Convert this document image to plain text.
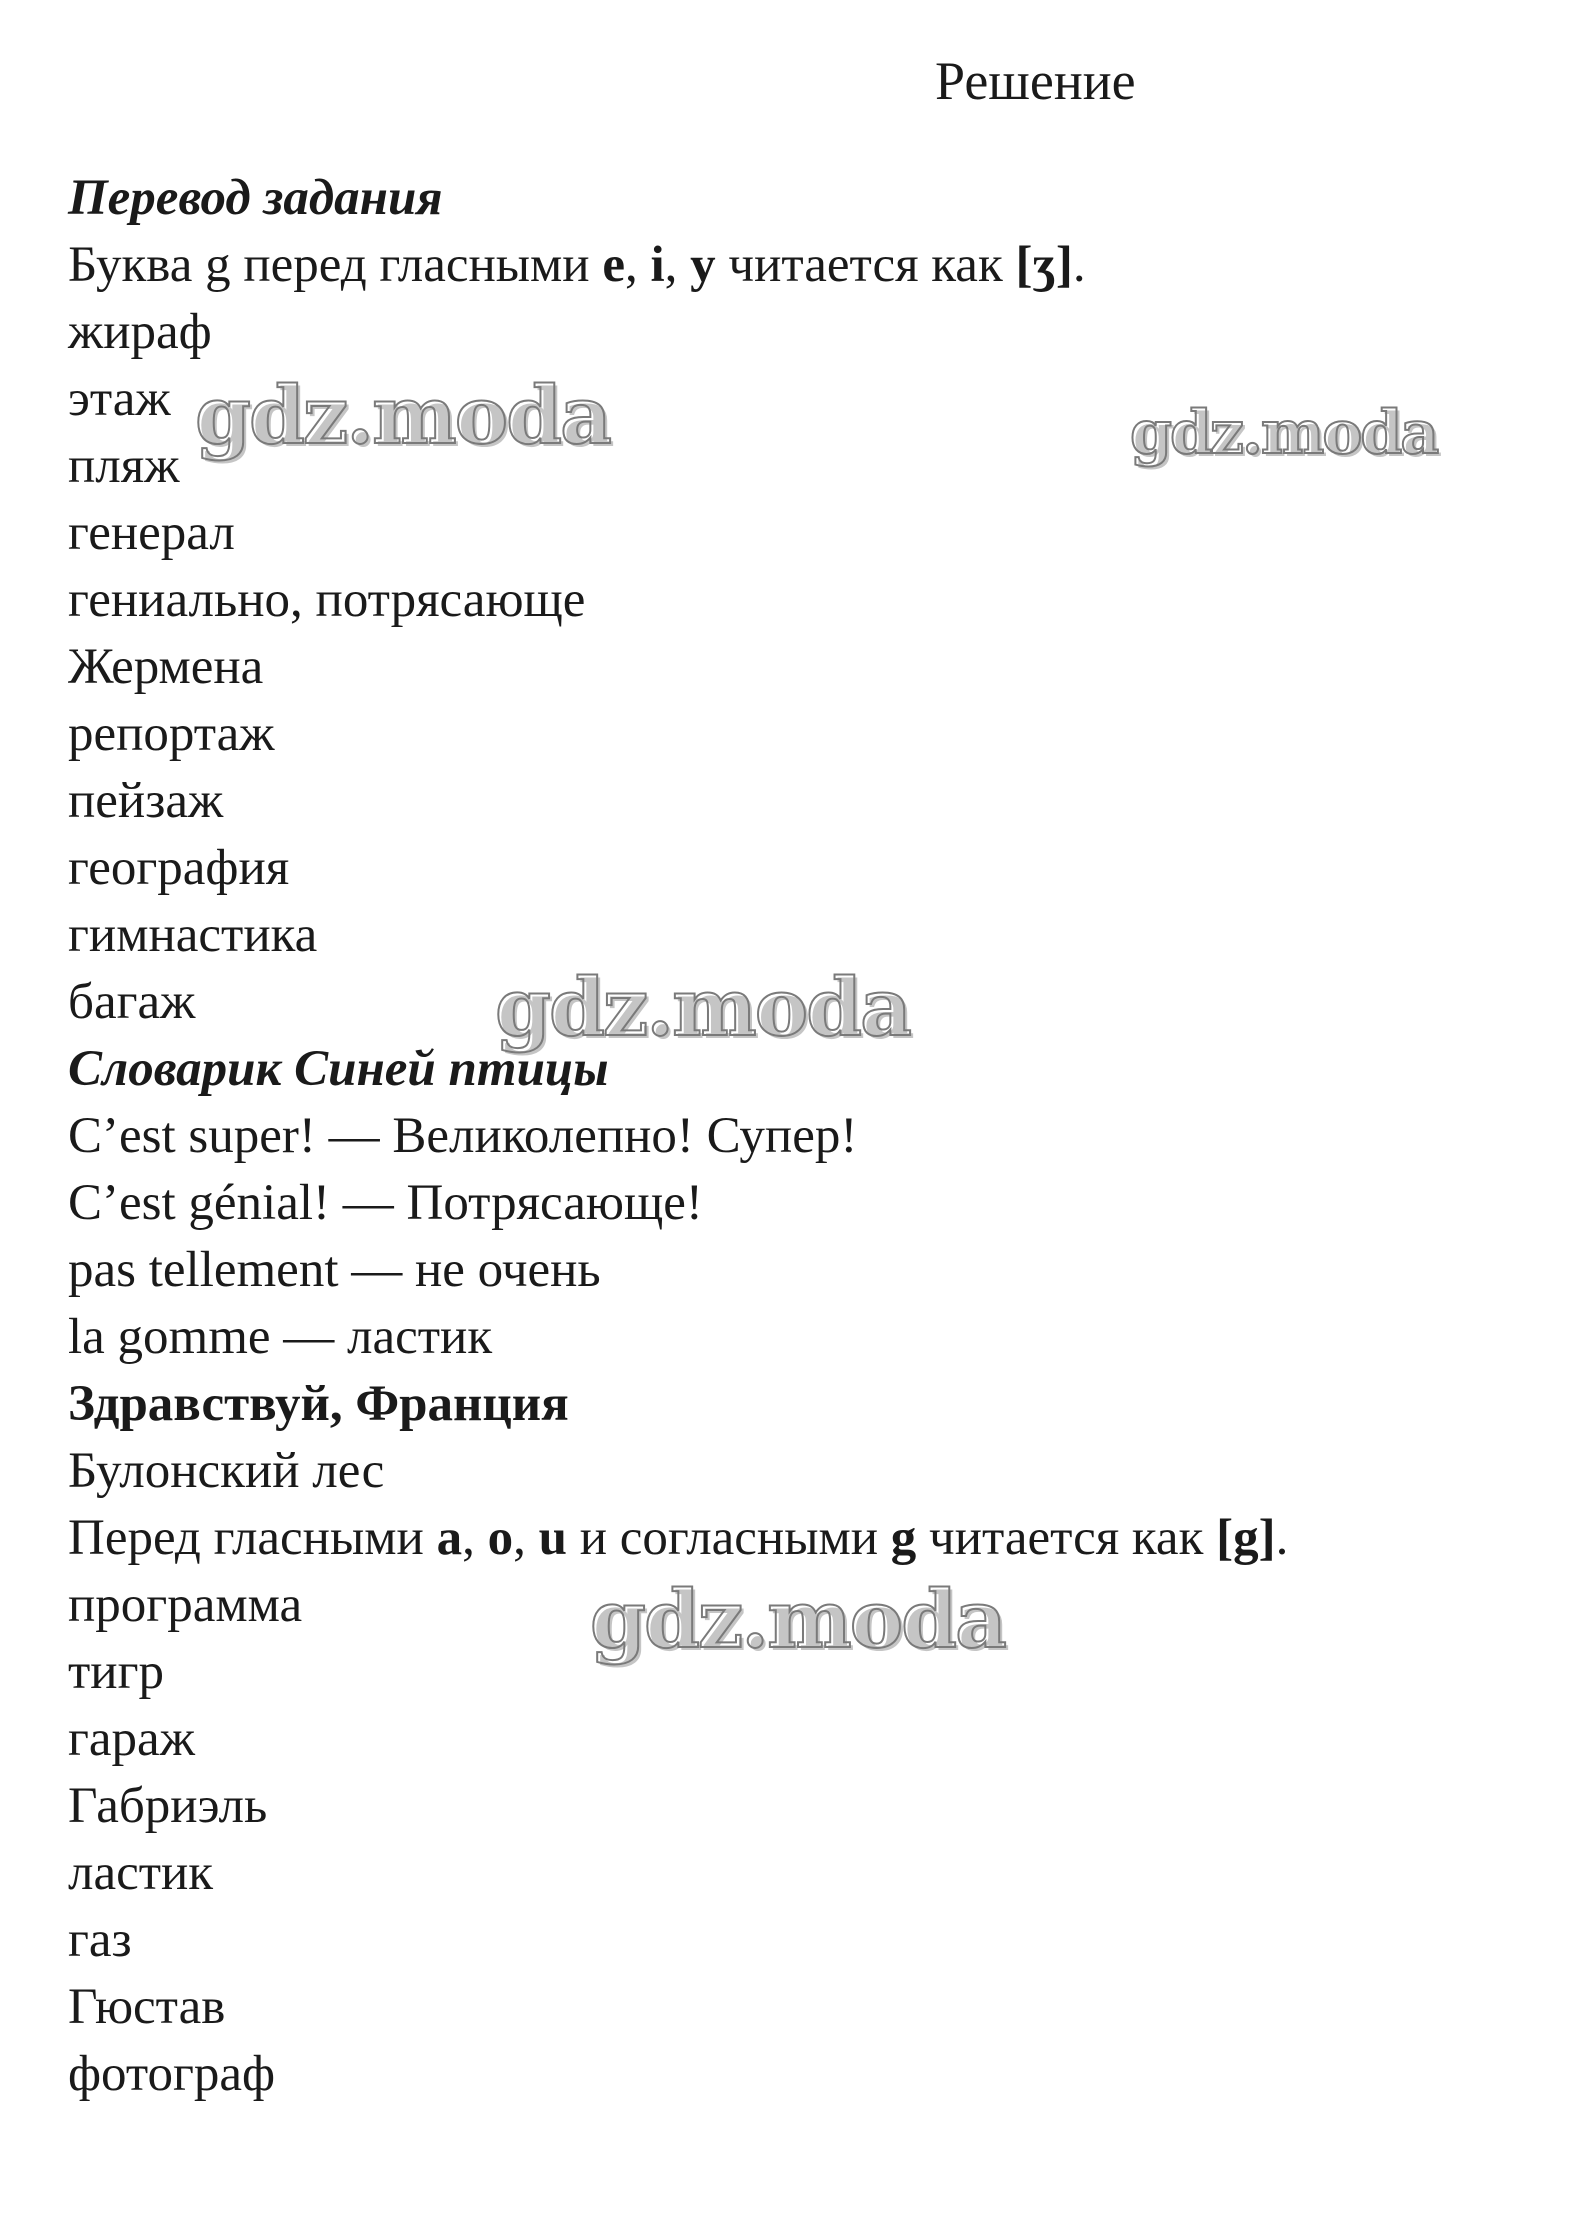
Решение
Перевод задания
Буква g перед гласными e, i, y читается как [ʒ].
жираф
этаж
пляж
генерал
гениально, потрясающе
Жермена
репортаж
пейзаж
география
гимнастика
багаж
Словарик Синей птицы
C’est super! — Великолепно! Супер!
C’est génial! — Потрясающе!
pas tellement — не очень
la gomme — ластик
Здравствуй, Франция
Булонский лес
Перед гласными a, o, u и согласными g читается как [g].
программа
тигр
гараж
Габриэль
ластик
газ
Гюстав
фотограф
gdz.moda	gdz.moda
gdz.moda
gdz.moda
